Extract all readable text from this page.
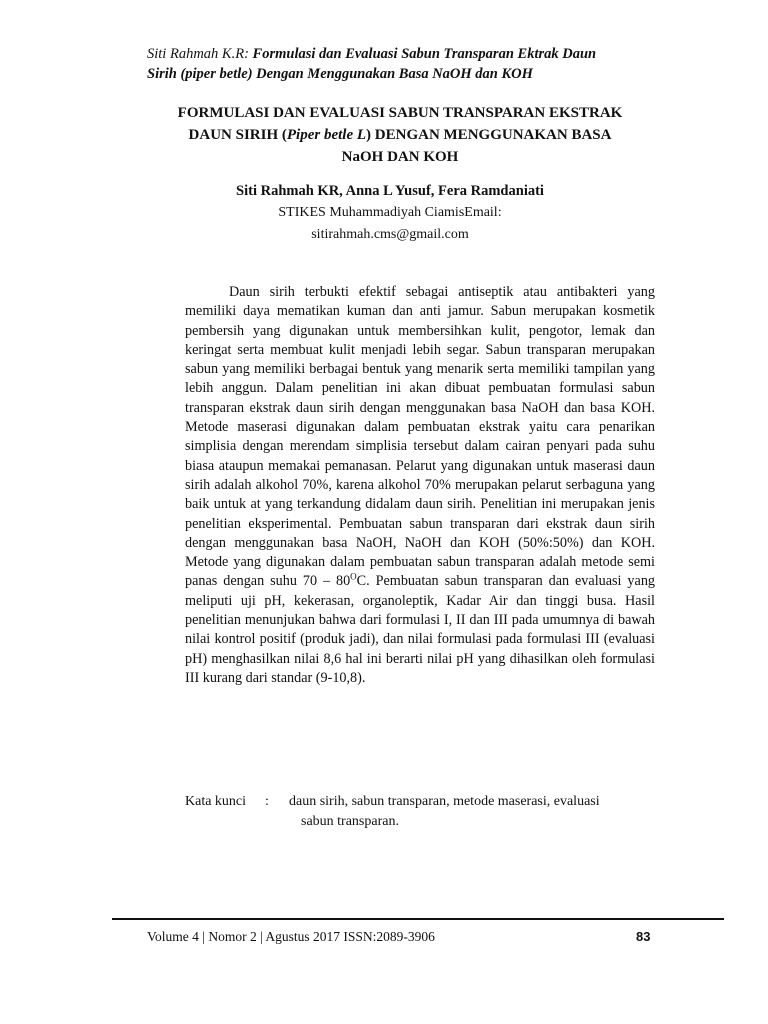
Siti Rahmah K.R: Formulasi dan Evaluasi Sabun Transparan Ektrak Daun
Sirih (piper betle) Dengan Menggunakan Basa NaOH dan KOH
FORMULASI DAN EVALUASI SABUN TRANSPARAN EKSTRAK
DAUN SIRIH (Piper betle L) DENGAN MENGGUNAKAN BASA
NaOH DAN KOH
Siti Rahmah KR, Anna L Yusuf, Fera Ramdaniati
STIKES Muhammadiyah CiamisEmail:
sitirahmah.cms@gmail.com

Daun sirih terbukti efektif sebagai antiseptik atau antibakteri yang memiliki daya mematikan kuman dan anti jamur. Sabun merupakan kosmetik pembersih yang digunakan untuk membersihkan kulit, pengotor, lemak dan keringat serta membuat kulit menjadi lebih segar. Sabun transparan merupakan sabun yang memiliki berbagai bentuk yang menarik serta memiliki tampilan yang lebih anggun. Dalam penelitian ini akan dibuat pembuatan formulasi sabun transparan ekstrak daun sirih dengan menggunakan basa NaOH dan basa KOH. Metode maserasi digunakan dalam pembuatan ekstrak yaitu cara penarikan simplisia dengan merendam simplisia tersebut dalam cairan penyari pada suhu biasa ataupun memakai pemanasan. Pelarut yang digunakan untuk maserasi daun sirih adalah alkohol 70%, karena alkohol 70% merupakan pelarut serbaguna yang baik untuk at yang terkandung didalam daun sirih. Penelitian ini merupakan jenis penelitian eksperimental. Pembuatan sabun transparan dari ekstrak daun sirih dengan menggunakan basa NaOH, NaOH dan KOH (50%:50%) dan KOH. Metode yang digunakan dalam pembuatan sabun transparan adalah metode semi panas dengan suhu $70 - 80^OC$. Pembuatan sabun transparan dan evaluasi yang meliputi uji pH, kekerasan, organoleptik, Kadar Air dan tinggi busa. Hasil penelitian menunjukan bahwa dari formulasi I, II dan III pada umumnya di bawah nilai kontrol positif (produk jadi), dan nilai formulasi pada formulasi III (evaluasi pH) menghasilkan nilai 8,6 hal ini berarti nilai pH yang dihasilkan oleh formulasi III kurang dari standar (9-10,8).

Kata kunci : daun sirih, sabun transparan, metode maserasi, evaluasi
sabun transparan.
Volume 4 | Nomor 2 | Agustus 2017 ISSN:2089-3906	83
